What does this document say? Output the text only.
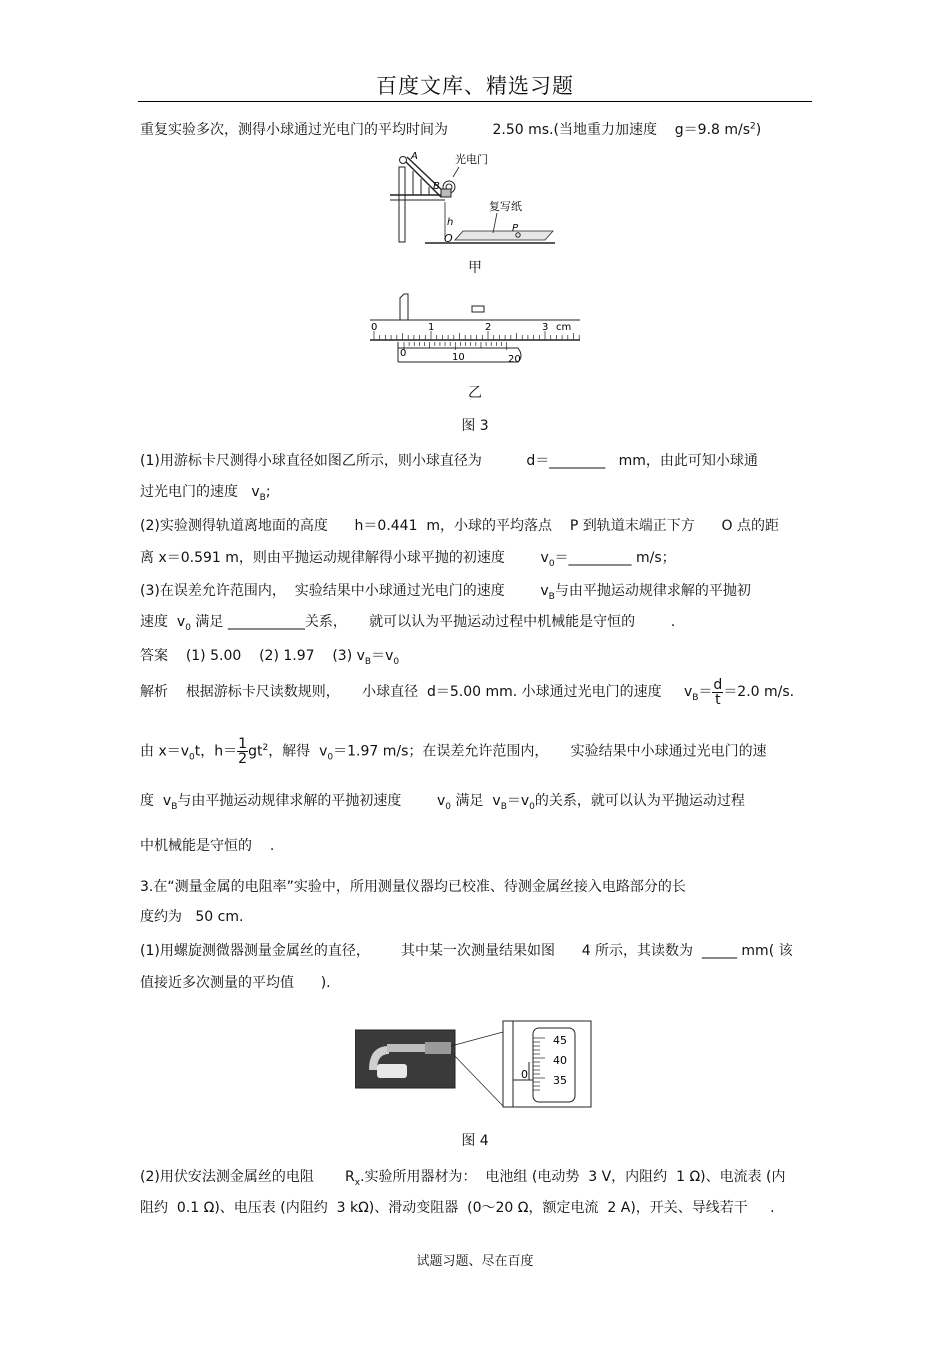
百度文库、精选习题
重复实验多次，测得小球通过光电门的平均时间为	2.50 ms.(当地重力加速度 g＝9.8 $m/s^2$)
A
B
光电门
h
O
复写纸
P
甲
0	1	2	3 cm
0	10	20
乙
图 3
(1)用游标卡尺测得小球直径如图乙所示，则小球直径为	d＝________ mm，由此可知小球通
过光电门的速度 $v_B$;
(2)实验测得轨道离地面的高度 h＝0.441  m，小球的平均落点 P 到轨道末端正下方 O 点的距
离 x＝0.591 m，则由平抛运动规律解得小球平抛的初速度	$v_0=\_\_\_\_\_\_\_\_\_$ m/s；
(3)在误差允许范围内， 实验结果中小球通过光电门的速度	$v_B$与由平抛运动规律求解的平抛初
速度 $v_0$ 满足 ___________关系， 就可以认为平抛运动过程中机械能是守恒的	.
答案 (1) 5.00 (2) 1.97 (3) $v_B=v_0$
解析 根据游标卡尺读数规则， 小球直径 d＝5.00 mm. 小球通过光电门的速度 $v_B= \frac{d}{t} =2.0$ m/s.
由 $x=v_0t$，$h= \frac{1}{2} gt^2$，解得 $v_0=1.97$ m/s；在误差允许范围内， 实验结果中小球通过光电门的速
度 $v_B$与由平抛运动规律求解的平抛初速度	$v_0$ 满足 $v_B=v_0$的关系，就可以认为平抛运动过程
中机械能是守恒的 .
3.在“测量金属的电阻率”实验中，所用测量仪器均已校准、待测金属丝接入电路部分的长
度约为 50 cm.
(1)用螺旋测微器测量金属丝的直径， 其中某一次测量结果如图 4 所示，其读数为 _____ mm( 该
值接近多次测量的平均值 ).
45
40
35
0
图 4
(2)用伏安法测金属丝的电阻 $R_x$.实验所用器材为： 电池组 (电动势 3 V，内阻约 1 Ω)、电流表 (内
阻约 0.1 Ω)、电压表 (内阻约 3 kΩ)、滑动变阻器 (0～20 Ω，额定电流 2 A)，开关、导线若干 .
试题习题、尽在百度
